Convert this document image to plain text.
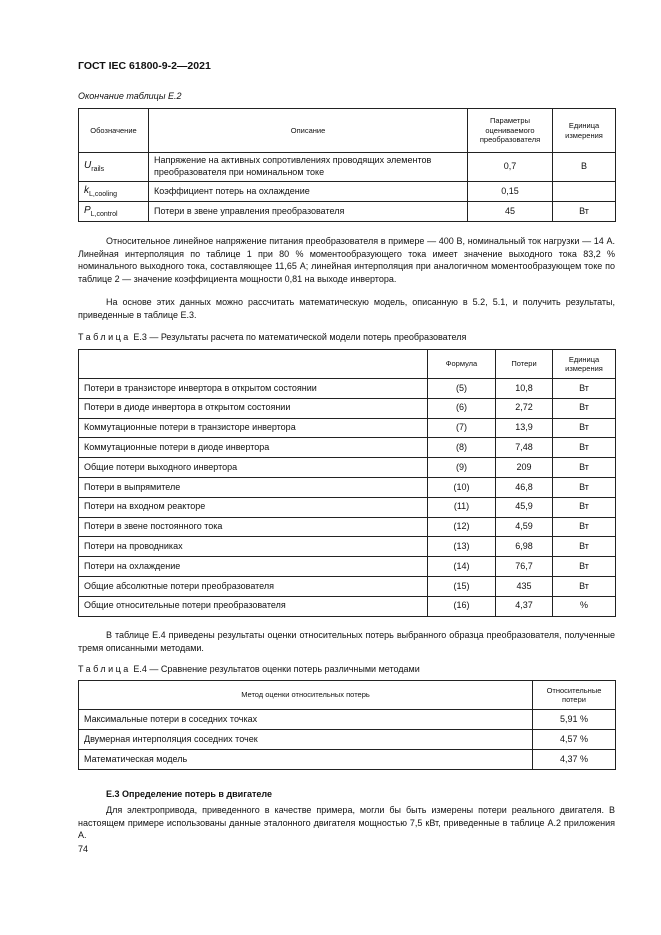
ГОСТ IEC 61800-9-2—2021
Окончание таблицы Е.2
Обозначение	Описание	Параметры оцениваемого преобразователя	Единица измерения
$U_{rails}$	Напряжение на активных сопротивлениях проводящих элементов преобразователя при номинальном токе	0,7	В
$k_{L,cooling}$	Коэффициент потерь на охлаждение	0,15	
$P_{L,control}$	Потери в звене управления преобразователя	45	Вт

Относительное линейное напряжение питания преобразователя в примере — 400 В, номинальный ток нагрузки — 14 А. Линейная интерполяция по таблице 1 при 80 % моментообразующего тока имеет значение выходного тока 83,2 % номинального выходного тока, составляющее 11,65 А; линейная интерполяция при аналогичном моментообразующем токе по таблице 2 — значение коэффициента мощности 0,81 на выходе инвертора.

На основе этих данных можно рассчитать математическую модель, описанную в 5.2, 5.1, и получить результаты, приведенные в таблице Е.3.

Таблица Е.3 — Результаты расчета по математической модели потерь преобразователя
	Формула	Потери	Единица измерения
Потери в транзисторе инвертора в открытом состоянии	(5)	10,8	Вт
Потери в диоде инвертора в открытом состоянии	(6)	2,72	Вт
Коммутационные потери в транзисторе инвертора	(7)	13,9	Вт
Коммутационные потери в диоде инвертора	(8)	7,48	Вт
Общие потери выходного инвертора	(9)	209	Вт
Потери в выпрямителе	(10)	46,8	Вт
Потери на входном реакторе	(11)	45,9	Вт
Потери в звене постоянного тока	(12)	4,59	Вт
Потери на проводниках	(13)	6,98	Вт
Потери на охлаждение	(14)	76,7	Вт
Общие абсолютные потери преобразователя	(15)	435	Вт
Общие относительные потери преобразователя	(16)	4,37	%

В таблице Е.4 приведены результаты оценки относительных потерь выбранного образца преобразователя, полученные тремя описанными методами.

Таблица Е.4 — Сравнение результатов оценки потерь различными методами
Метод оценки относительных потерь	Относительные потери
Максимальные потери в соседних точках	5,91 %
Двумерная интерполяция соседних точек	4,57 %
Математическая модель	4,37 %
Е.3 Определение потерь в двигателе

Для электропривода, приведенного в качестве примера, могли бы быть измерены потери реального двигателя. В настоящем примере использованы данные эталонного двигателя мощностью 7,5 кВт, приведенные в таблице А.2 приложения А.

74
